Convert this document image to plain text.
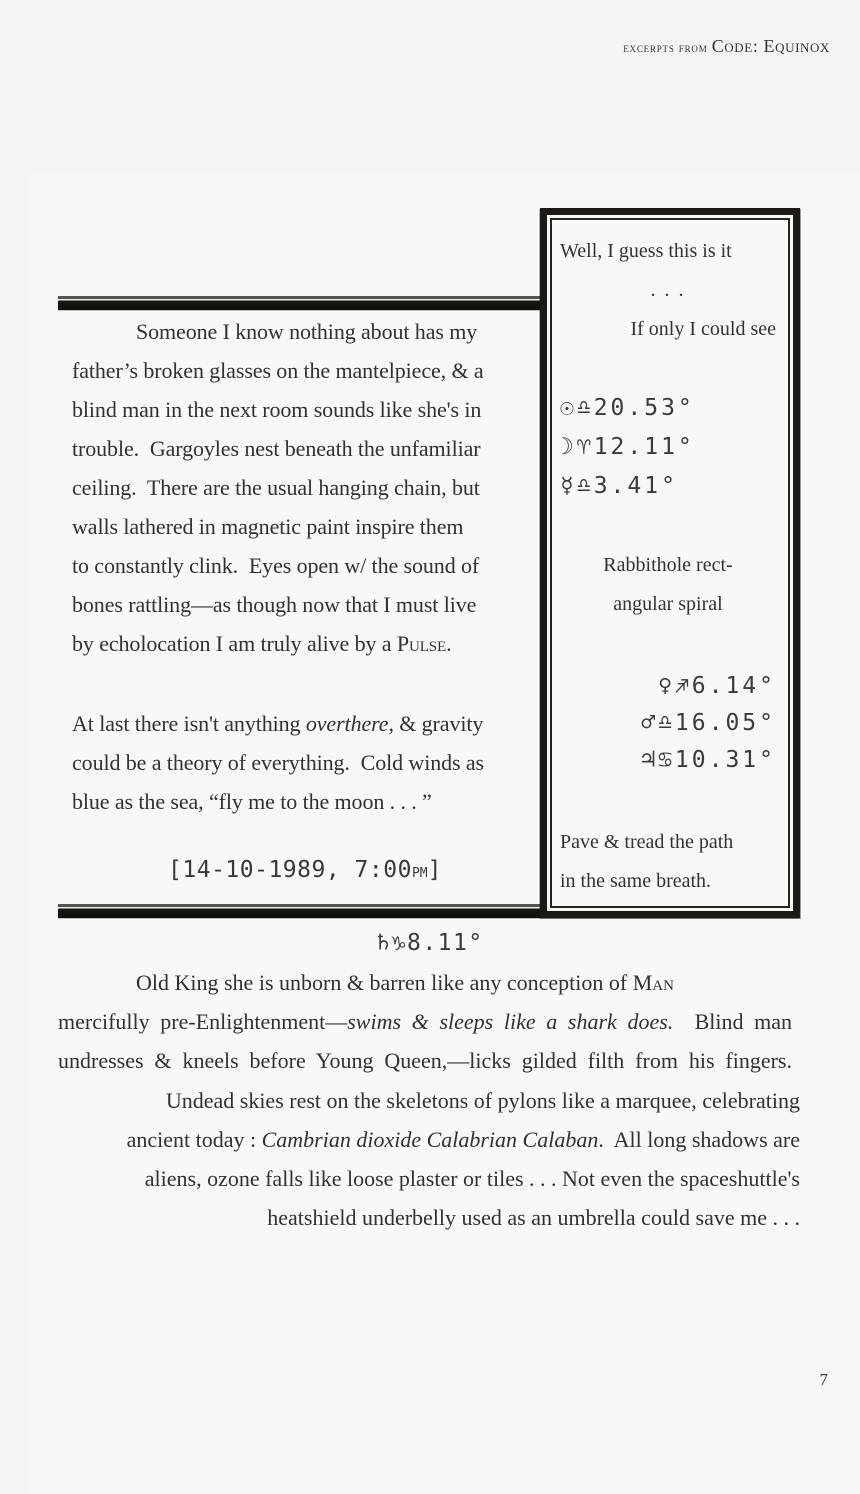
excerpts from Code: Equinox
Well, I guess this is it
. . .
If only I could see
☉♎20.53°
☽♈12.11°
☿♎3.41°
Rabbithole rect-
angular spiral
♀♐6.14°
♂♎16.05°
♃♋10.31°
Pave & tread the path
in the same breath.
Someone I know nothing about has my
father’s broken glasses on the mantelpiece, & a
blind man in the next room sounds like she's in
trouble.  Gargoyles nest beneath the unfamiliar
ceiling.  There are the usual hanging chain, but
walls lathered in magnetic paint inspire them
to constantly clink.  Eyes open w/ the sound of
bones rattling—as though now that I must live
by echolocation I am truly alive by a Pulse.
At last there isn't anything overthere, & gravity
could be a theory of everything.  Cold winds as
blue as the sea, “fly me to the moon . . . ”
[14-10-1989, 7:00pm]
♄♑8.11°
Old King she is unborn & barren like any conception of Man
mercifully pre-Enlightenment—swims & sleeps like a shark does.  Blind man
undresses & kneels before Young Queen,—licks gilded filth from his fingers.
Undead skies rest on the skeletons of pylons like a marquee, celebrating
ancient today : Cambrian dioxide Calabrian Calaban.  All long shadows are
aliens, ozone falls like loose plaster or tiles . . . Not even the spaceshuttle's
heatshield underbelly used as an umbrella could save me . . .
7
